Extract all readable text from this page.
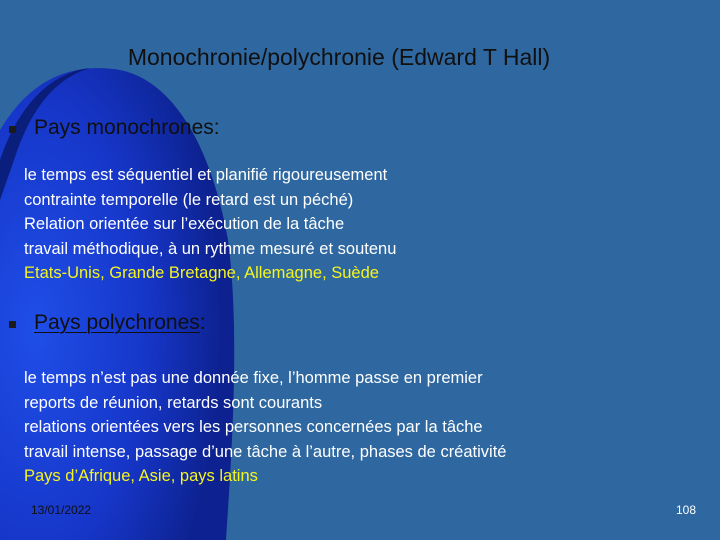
Monochronie/polychronie (Edward T Hall)
Pays monochrones:
le temps est séquentiel et planifié rigoureusement
contrainte temporelle (le retard est un péché)
Relation orientée sur l’exécution de la tâche
travail méthodique, à un rythme mesuré et soutenu
Etats-Unis, Grande Bretagne, Allemagne, Suède
Pays polychrones:
le temps n’est pas une donnée fixe, l’homme passe en premier
reports de réunion, retards sont courants
relations orientées vers les personnes concernées par la tâche
travail intense, passage d’une tâche à l’autre, phases de créativité
Pays d’Afrique, Asie, pays latins
13/01/2022	108
